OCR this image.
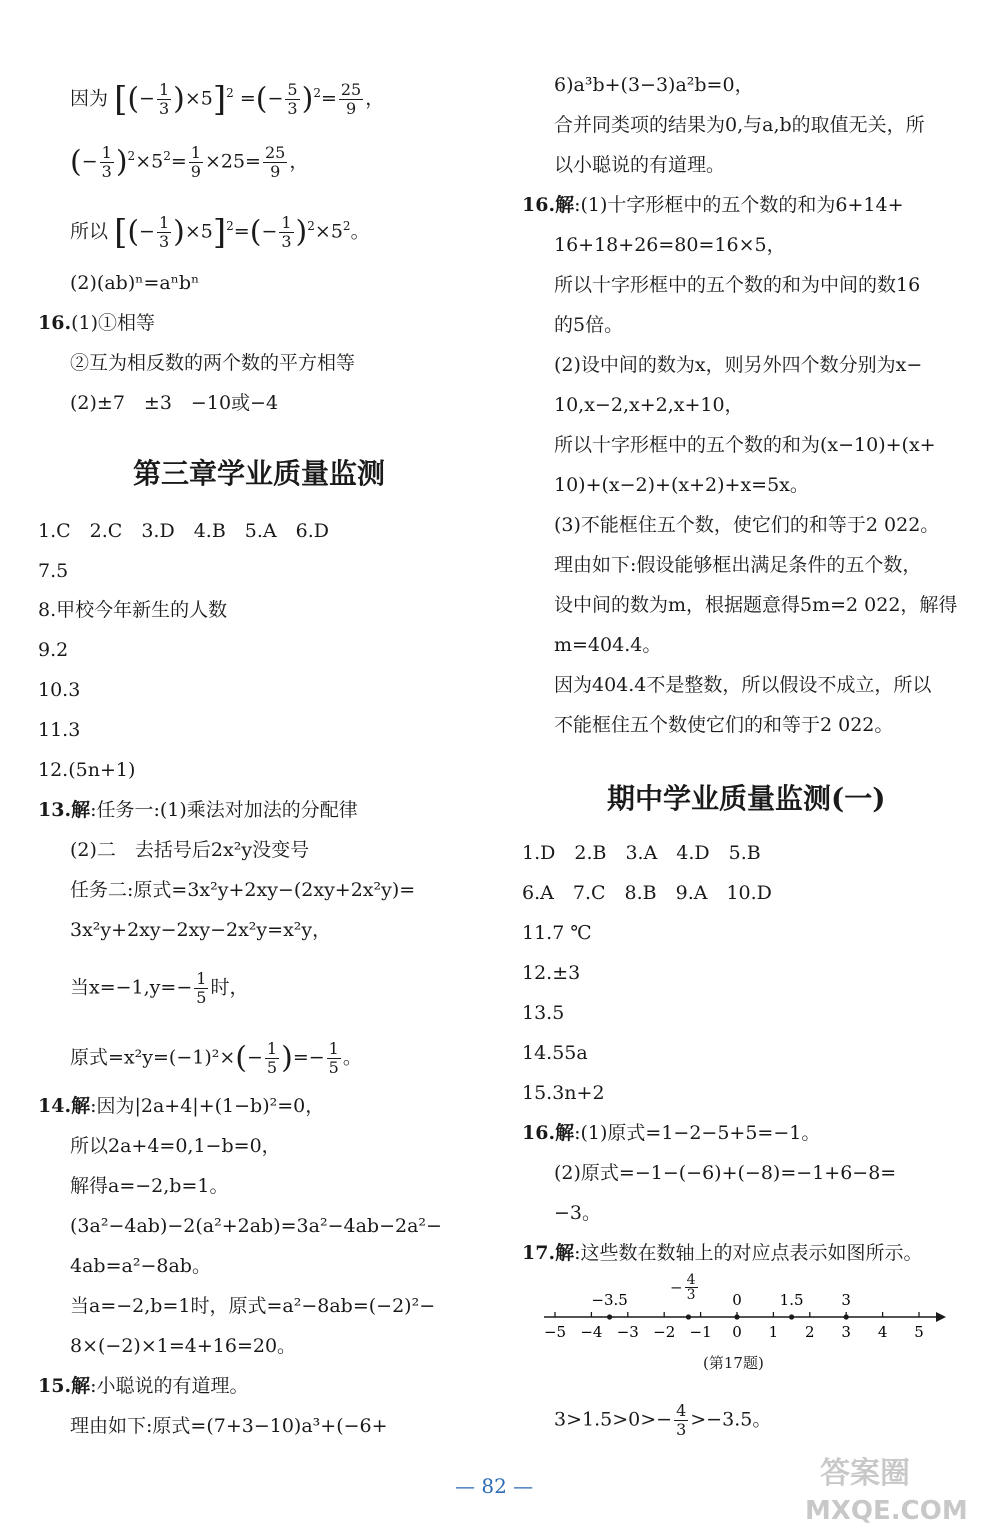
因为 [(− $\frac{1}{3} )\times 5]^2$ =(− $\frac{5}{3} )^2= \frac{25}{9}$ ，
(− $\frac{1}{3} )^2\times 5^2= \frac{1}{9} \times 25= \frac{25}{9}$ ，
所以 [(− $\frac{1}{3} )\times 5]^2=(- \frac{1}{3} )^2\times 5^2$。
(2)(ab)ⁿ=aⁿbⁿ
16.(1)①相等
②互为相反数的两个数的平方相等
(2)±7　±3　−10或−4
第三章学业质量监测
1.C　2.C　3.D　4.B　5.A　6.D
7.5
8.甲校今年新生的人数
9.2
10.3
11.3
12.(5n+1)
13.解:任务一:(1)乘法对加法的分配律
(2)二　去括号后2x²y没变号
任务二:原式=3x²y+2xy−(2xy+2x²y)=
3x²y+2xy−2xy−2x²y=x²y，
当$x=-1,y=- \frac{1}{5}$ 时，
原式$=x^2y=(-1)^2\times(- \frac{1}{5}$ )=− $\frac{1}{5}$ 。
14.解:因为|2a+4|+(1−b)²=0，
所以2a+4=0,1−b=0，
解得a=−2,b=1。
(3a²−4ab)−2(a²+2ab)=3a²−4ab−2a²−
4ab=a²−8ab。
当a=−2,b=1时，原式=a²−8ab=(−2)²−
8×(−2)×1=4+16=20。
15.解:小聪说的有道理。
理由如下:原式=(7+3−10)a³+(−6+
6)a³b+(3−3)a²b=0，
合并同类项的结果为0,与a,b的取值无关，所
以小聪说的有道理。
16.解:(1)十字形框中的五个数的和为6+14+
16+18+26=80=16×5，
所以十字形框中的五个数的和为中间的数16
的5倍。
(2)设中间的数为x，则另外四个数分别为x−
10,x−2,x+2,x+10，
所以十字形框中的五个数的和为(x−10)+(x+
10)+(x−2)+(x+2)+x=5x。
(3)不能框住五个数，使它们的和等于2 022。
理由如下:假设能够框出满足条件的五个数，
设中间的数为m，根据题意得5m=2 022，解得
m=404.4。
因为404.4不是整数，所以假设不成立，所以
不能框住五个数使它们的和等于2 022。
期中学业质量监测(一)
1.D　2.B　3.A　4.D　5.B
6.A　7.C　8.B　9.A　10.D
11.7 ℃
12.±3
13.5
14.55a
15.3n+2
16.解:(1)原式=1−2−5+5=−1。
(2)原式=−1−(−6)+(−8)=−1+6−8=
−3。
17.解:这些数在数轴上的对应点表示如图所示。
−5 −4 −3 −2 −1 0 1 2 3 4 5
−3.5	0	1.5	3
− $\frac{4}{3}$
(第17题)
$3>1.5>0>- \frac{4}{3} >-3.5$。
— 82 —	答案圈
MXQE.COM
